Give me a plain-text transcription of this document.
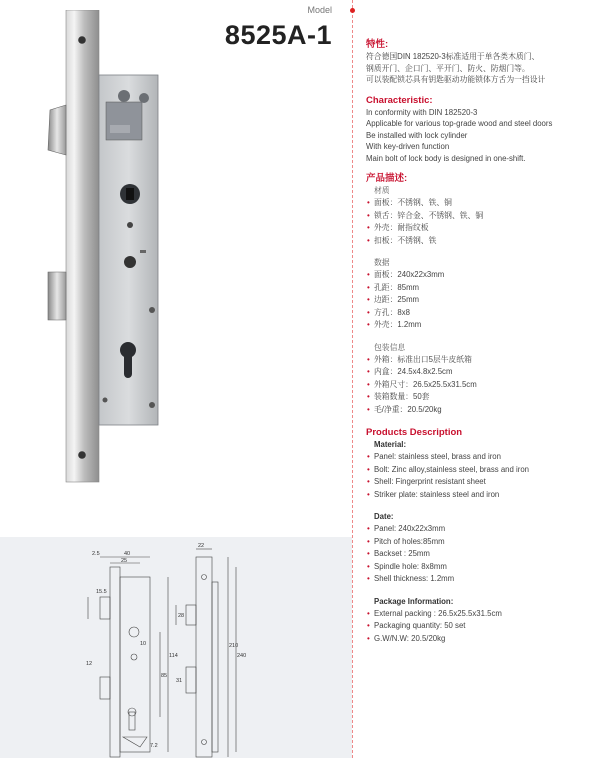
Model
8525A-1
2.5	40
25
22
15.5
85
114
28
210
240
12
7.2
31
10
特性:
符合德国DIN 182520-3标准适用于单各类木质门、
钢质开门、企口门、平开门、防火、防烟门等。
可以装配锁芯具有钥匙驱动功能锁体方舌为一挡设计
Characteristic:
In conformity with DIN 182520-3
Applicable for various top-grade wood and steel doors
Be installed with lock cylinder
With key-driven function
Main bolt of lock body is designed in one-shift.
产品描述:
材质
• 面板：不锈钢、铁、铜
• 锁舌：锌合金、不锈钢、铁、铜
• 外壳：耐指纹板
• 扣板：不锈钢、铁
数据
• 面板：240x22x3mm
• 孔距：85mm
• 边距：25mm
• 方孔：8x8
• 外壳：1.2mm
包装信息
• 外箱：标准出口5层牛皮纸箱
• 内盒：24.5x4.8x2.5cm
• 外箱尺寸：26.5x25.5x31.5cm
• 装箱数量：50套
• 毛/净重：20.5/20kg
Products Description
Material:
• Panel: stainless steel, brass and iron
• Bolt: Zinc alloy,stainless steel, brass and iron
• Shell: Fingerprint resistant sheet
• Striker plate: stainless steel and iron
Date:
• Panel: 240x22x3mm
• Pitch of holes:85mm
• Backset : 25mm
• Spindle hole: 8x8mm
• Shell thickness: 1.2mm
Package Information:
• External packing : 26.5x25.5x31.5cm
• Packaging quantity: 50 set
• G.W/N.W: 20.5/20kg
